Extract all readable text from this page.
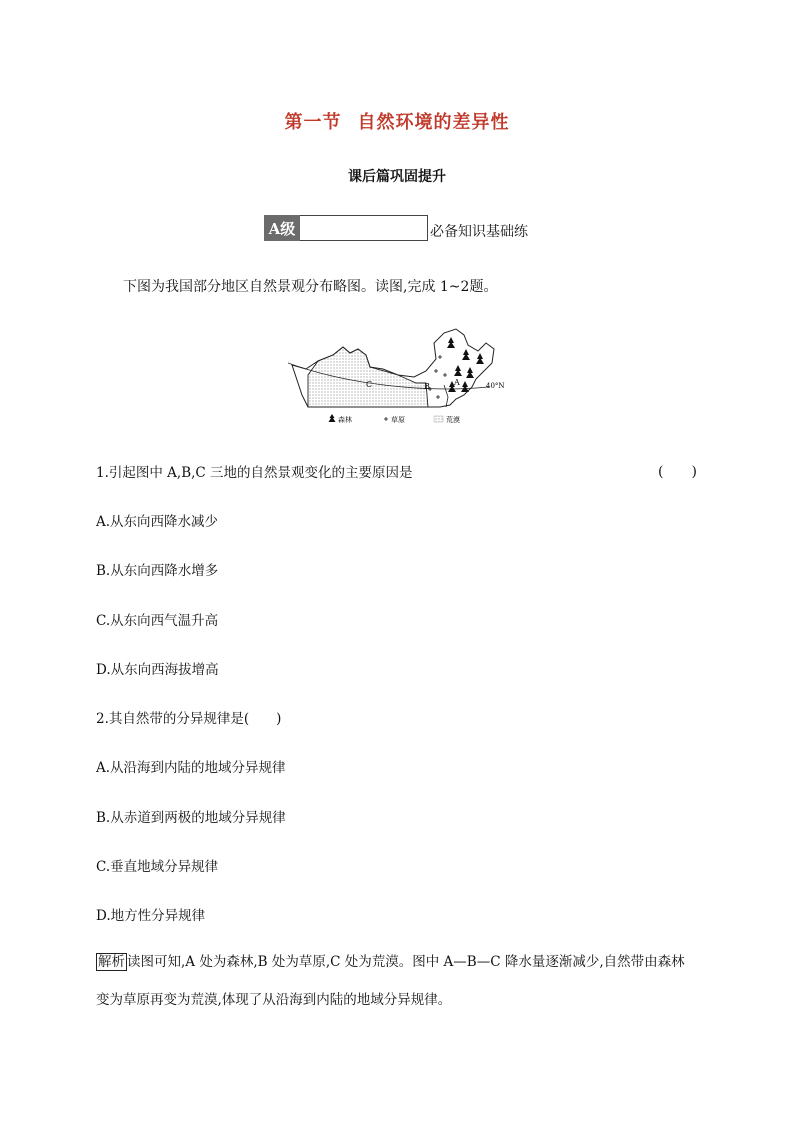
第一节 自然环境的差异性
课后篇巩固提升
A级	必备知识基础练
下图为我国部分地区自然景观分布略图。读图,完成 1~2题。
C	B	A	40°N
森林	草原	荒漠
1.引起图中 A,B,C 三地的自然景观变化的主要原因是	(　　)
A.从东向西降水减少
B.从东向西降水增多
C.从东向西气温升高
D.从东向西海拔增高
2.其自然带的分异规律是(　　)
A.从沿海到内陆的地域分异规律
B.从赤道到两极的地域分异规律
C.垂直地域分异规律
D.地方性分异规律
解析 读图可知,A 处为森林,B 处为草原,C 处为荒漠。图中 A—B—C 降水量逐渐减少,自然带由森林
变为草原再变为荒漠,体现了从沿海到内陆的地域分异规律。
